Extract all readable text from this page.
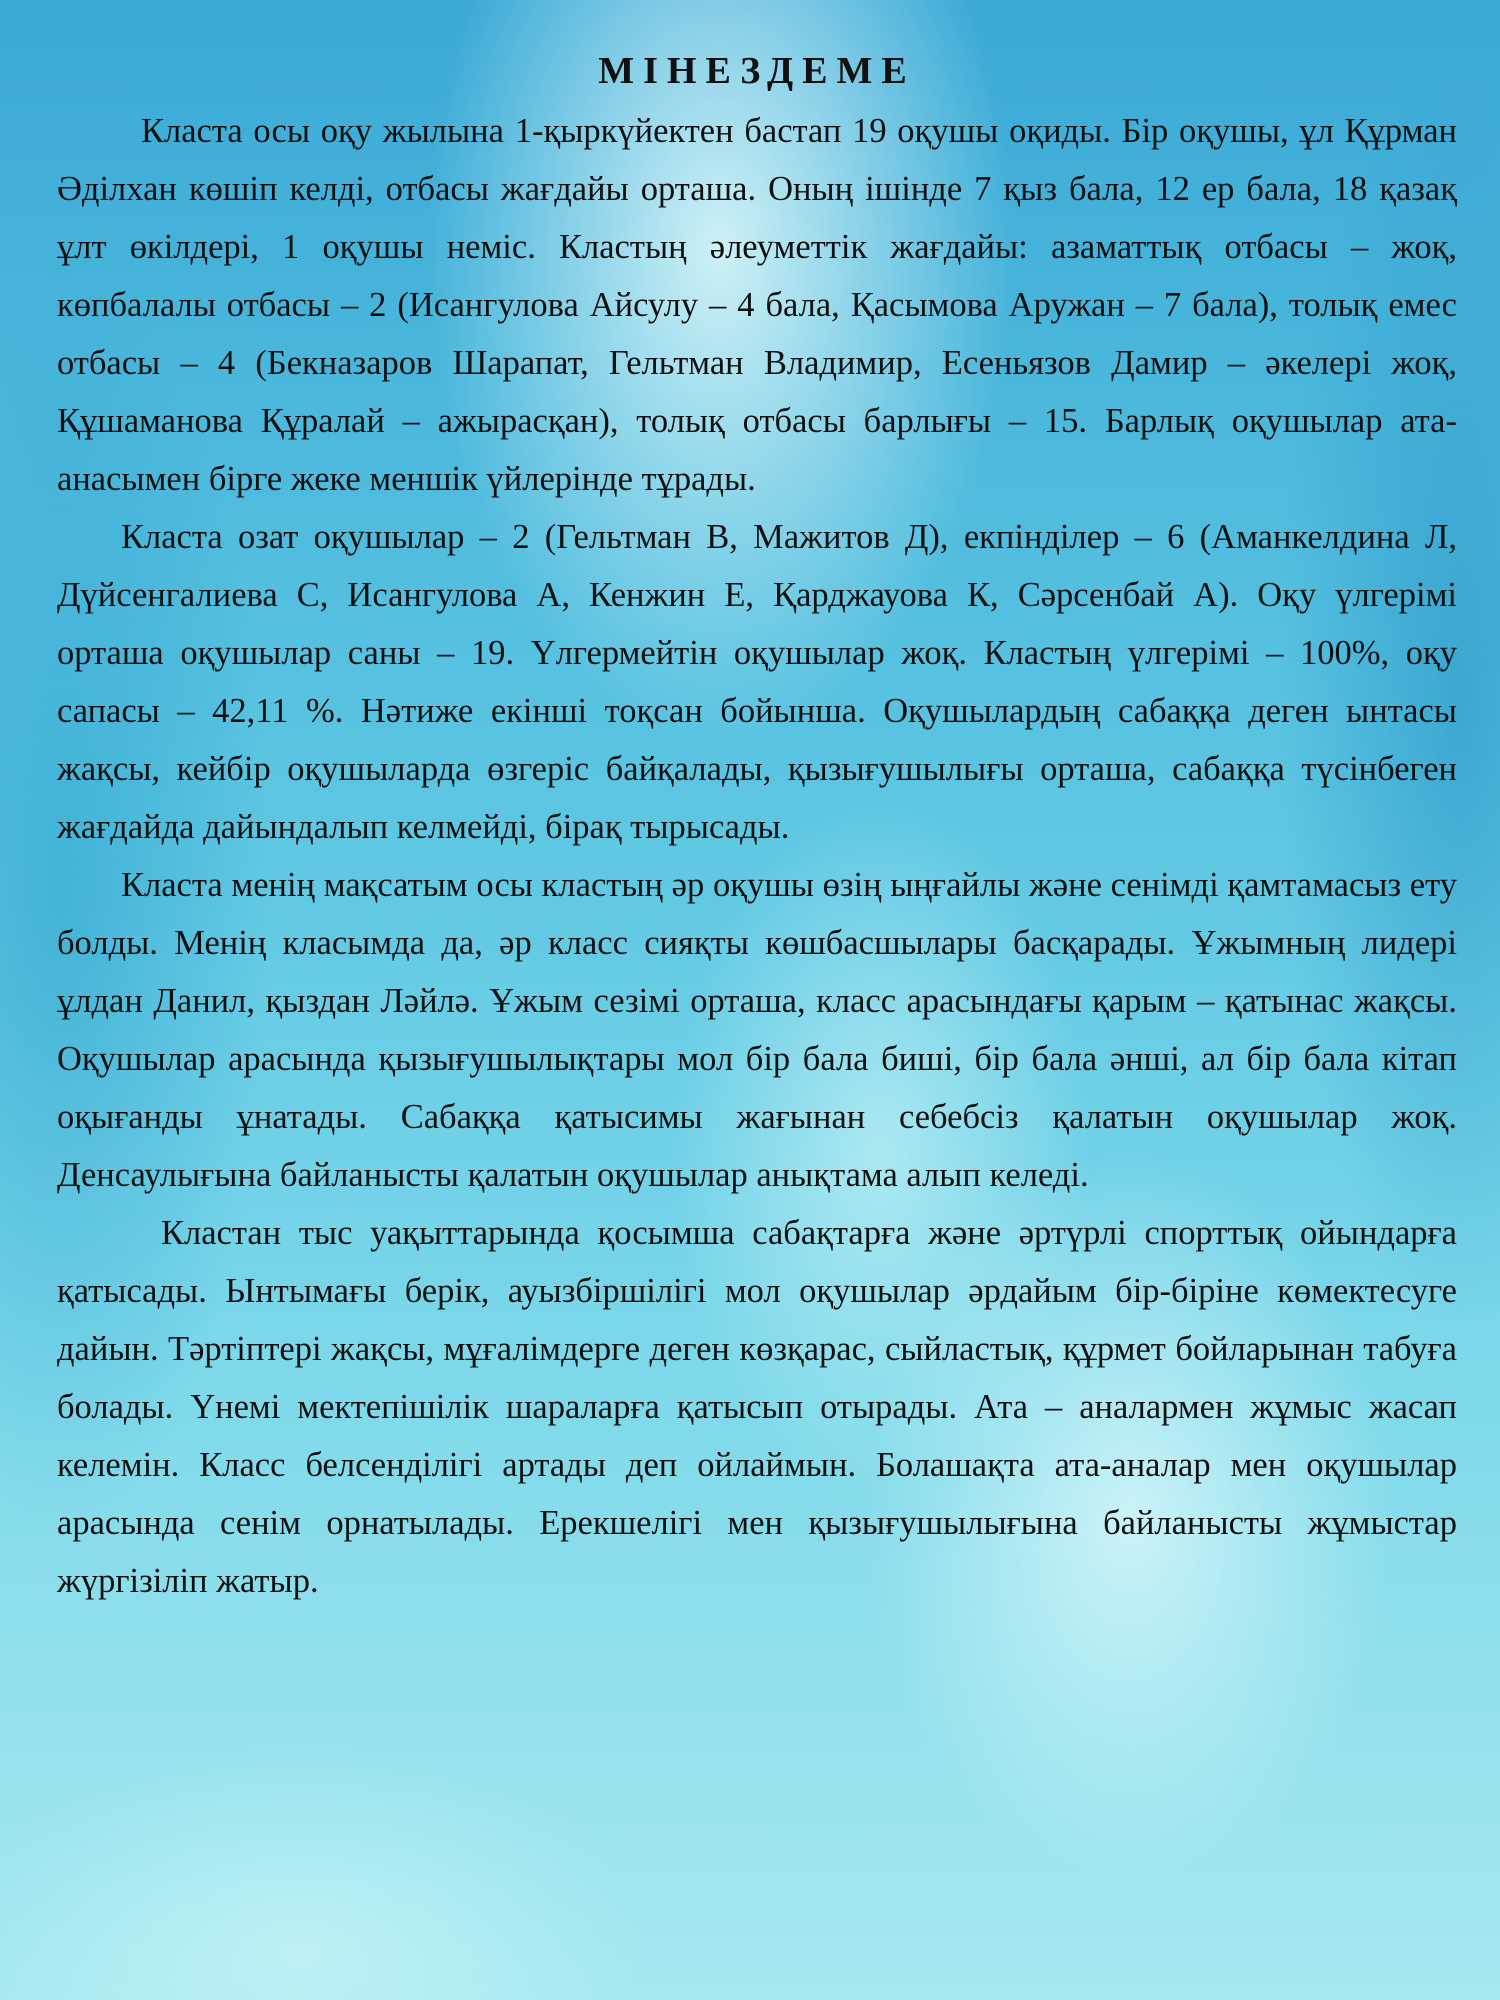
МІНЕЗДЕМЕ

Класта осы оқу жылына 1-қыркүйектен бастап 19 оқушы оқиды. Бір оқушы, ұл Құрман Әділхан көшіп келді, отбасы жағдайы орташа. Оның ішінде 7 қыз бала, 12 ер бала, 18 қазақ ұлт өкілдері, 1 оқушы неміс. Кластың әлеуметтік жағдайы: азаматтық отбасы – жоқ, көпбалалы отбасы – 2 (Исангулова Айсулу – 4 бала, Қасымова Аружан – 7 бала), толық емес отбасы – 4 (Бекназаров Шарапат, Гельтман Владимир, Есеньязов Дамир – әкелері жоқ, Құшаманова Құралай – ажырасқан), толық отбасы барлығы – 15. Барлық оқушылар ата-анасымен бірге жеке меншік үйлерінде тұрады.

Класта озат оқушылар – 2 (Гельтман В, Мажитов Д), екпінділер – 6 (Аманкелдина Л, Дүйсенгалиева С, Исангулова А, Кенжин Е, Қарджауова К, Сәрсенбай А). Оқу үлгерімі орташа оқушылар саны – 19. Үлгермейтін оқушылар жоқ. Кластың үлгерімі – 100%, оқу сапасы – 42,11 %. Нәтиже екінші тоқсан бойынша. Оқушылардың сабаққа деген ынтасы жақсы, кейбір оқушыларда өзгеріс байқалады, қызығушылығы орташа, сабаққа түсінбеген жағдайда дайындалып келмейді, бірақ тырысады.

Класта менің мақсатым осы кластың әр оқушы өзің ыңғайлы және сенімді қамтамасыз ету болды. Менің класымда да, әр класс сияқты көшбасшылары басқарады. Ұжымның лидері ұлдан Данил, қыздан Ләйлә. Ұжым сезімі орташа, класс арасындағы қарым – қатынас жақсы. Оқушылар арасында қызығушылықтары мол бір бала биші, бір бала әнші, ал бір бала кітап оқығанды ұнатады. Сабаққа қатысимы жағынан себебсіз қалатын оқушылар жоқ. Денсаулығына байланысты қалатын оқушылар анықтама алып келеді.

Кластан тыс уақыттарында қосымша сабақтарға және әртүрлі спорттық ойындарға қатысады. Ынтымағы берік, ауызбіршілігі мол оқушылар әрдайым бір-біріне көмектесуге дайын. Тәртіптері жақсы, мұғалімдерге деген көзқарас, сыйластық, құрмет бойларынан табуға болады. Үнемі мектепішілік шараларға қатысып отырады. Ата – аналармен жұмыс жасап келемін. Класс белсенділігі артады деп ойлаймын. Болашақта ата-аналар мен оқушылар арасында сенім орнатылады. Ерекшелігі мен қызығушылығына байланысты жұмыстар жүргізіліп жатыр.
